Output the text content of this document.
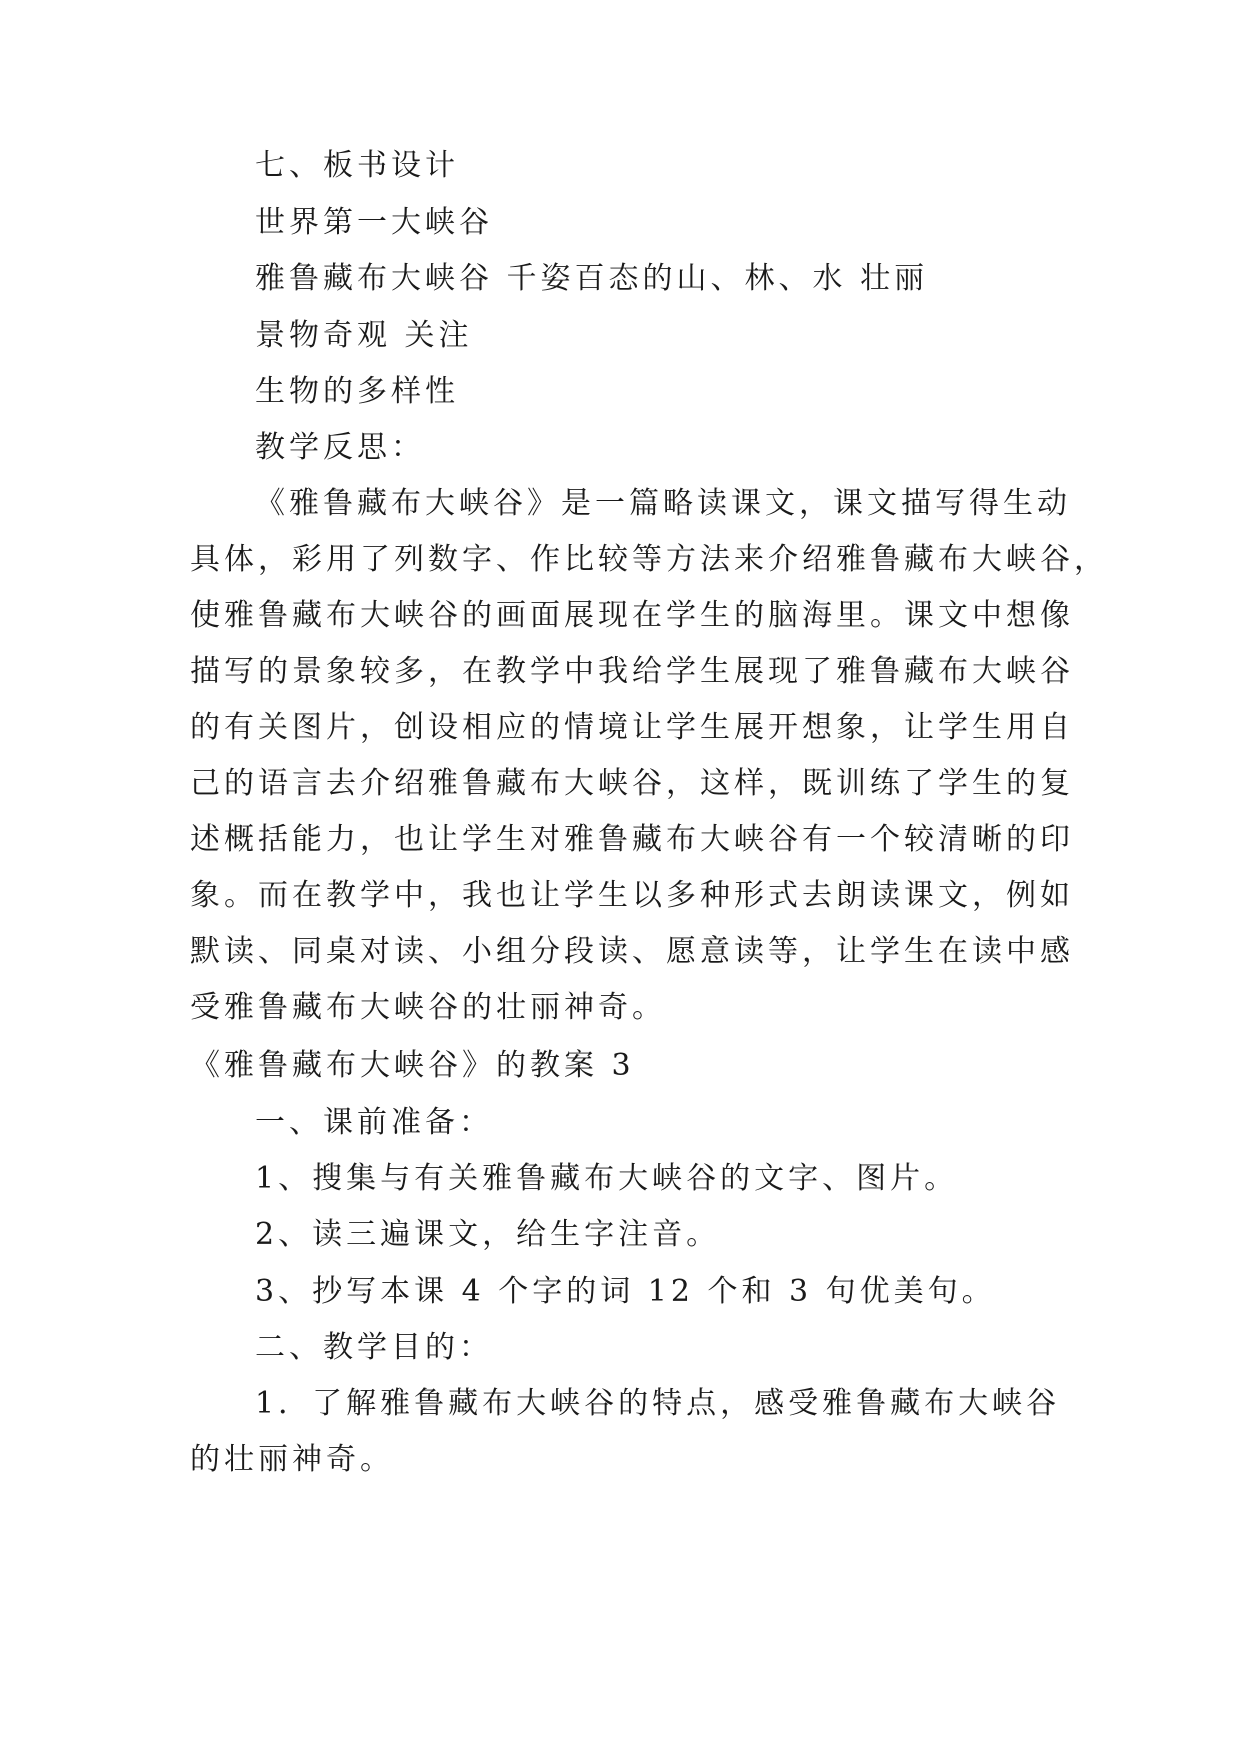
七、板书设计
世界第一大峡谷
雅鲁藏布大峡谷 千姿百态的山、林、水 壮丽
景物奇观 关注
生物的多样性
教学反思：
《雅鲁藏布大峡谷》是一篇略读课文，课文描写得生动
具体，彩用了列数字、作比较等方法来介绍雅鲁藏布大峡谷，
使雅鲁藏布大峡谷的画面展现在学生的脑海里。课文中想像
描写的景象较多，在教学中我给学生展现了雅鲁藏布大峡谷
的有关图片，创设相应的情境让学生展开想象，让学生用自
己的语言去介绍雅鲁藏布大峡谷，这样，既训练了学生的复
述概括能力，也让学生对雅鲁藏布大峡谷有一个较清晰的印
象。而在教学中，我也让学生以多种形式去朗读课文，例如
默读、同桌对读、小组分段读、愿意读等，让学生在读中感
受雅鲁藏布大峡谷的壮丽神奇。
《雅鲁藏布大峡谷》的教案 3
一、课前准备：
1、搜集与有关雅鲁藏布大峡谷的文字、图片。
2、读三遍课文，给生字注音。
3、抄写本课 4 个字的词 12 个和 3 句优美句。
二、教学目的：
1．了解雅鲁藏布大峡谷的特点，感受雅鲁藏布大峡谷
的壮丽神奇。
